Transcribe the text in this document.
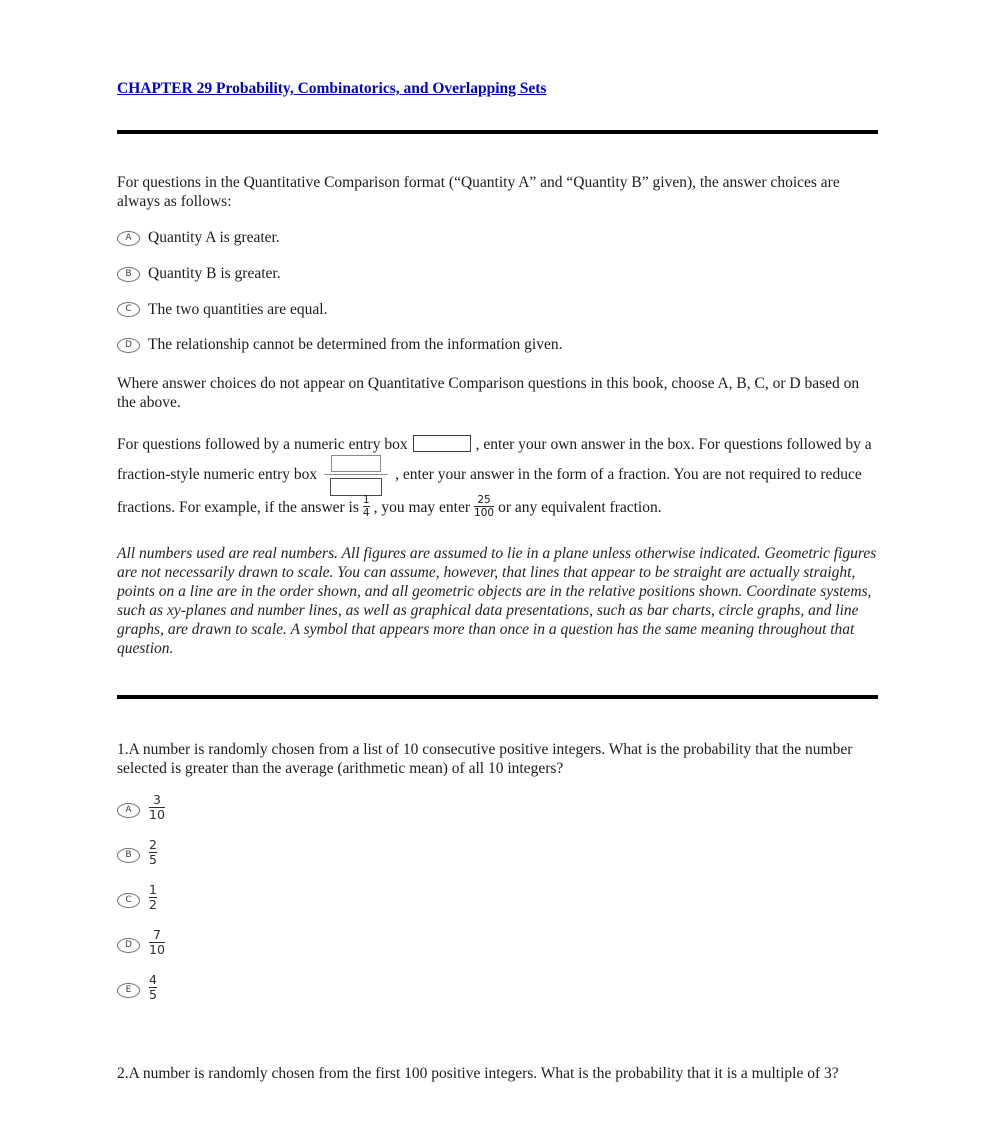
CHAPTER 29 Probability, Combinatorics, and Overlapping Sets

For questions in the Quantitative Comparison format (“Quantity A” and “Quantity B” given), the answer choices are always as follows:

A	Quantity A is greater.
B	Quantity B is greater.
C	The two quantities are equal.
D	The relationship cannot be determined from the information given.

Where answer choices do not appear on Quantitative Comparison questions in this book, choose A, B, C, or D based on the above.

For questions followed by a numeric entry box	, enter your own answer in the box. For questions followed by a fraction-style numeric entry box	, enter your answer in the form of a fraction. You are not required to reduce fractions. For example, if the answer is $\frac{1}{4}$ , you may enter $\frac{25}{100}$ or any equivalent fraction.

All numbers used are real numbers. All figures are assumed to lie in a plane unless otherwise indicated. Geometric figures are not necessarily drawn to scale. You can assume, however, that lines that appear to be straight are actually straight, points on a line are in the order shown, and all geometric objects are in the relative positions shown. Coordinate systems, such as xy-planes and number lines, as well as graphical data presentations, such as bar charts, circle graphs, and line graphs, are drawn to scale. A symbol that appears more than once in a question has the same meaning throughout that question.

1.A number is randomly chosen from a list of 10 consecutive positive integers. What is the probability that the number selected is greater than the average (arithmetic mean) of all 10 integers?

A	$\frac{3}{10}$
B	$\frac{2}{5}$
C	$\frac{1}{2}$
D	$\frac{7}{10}$
E	$\frac{4}{5}$

2.A number is randomly chosen from the first 100 positive integers. What is the probability that it is a multiple of 3?
